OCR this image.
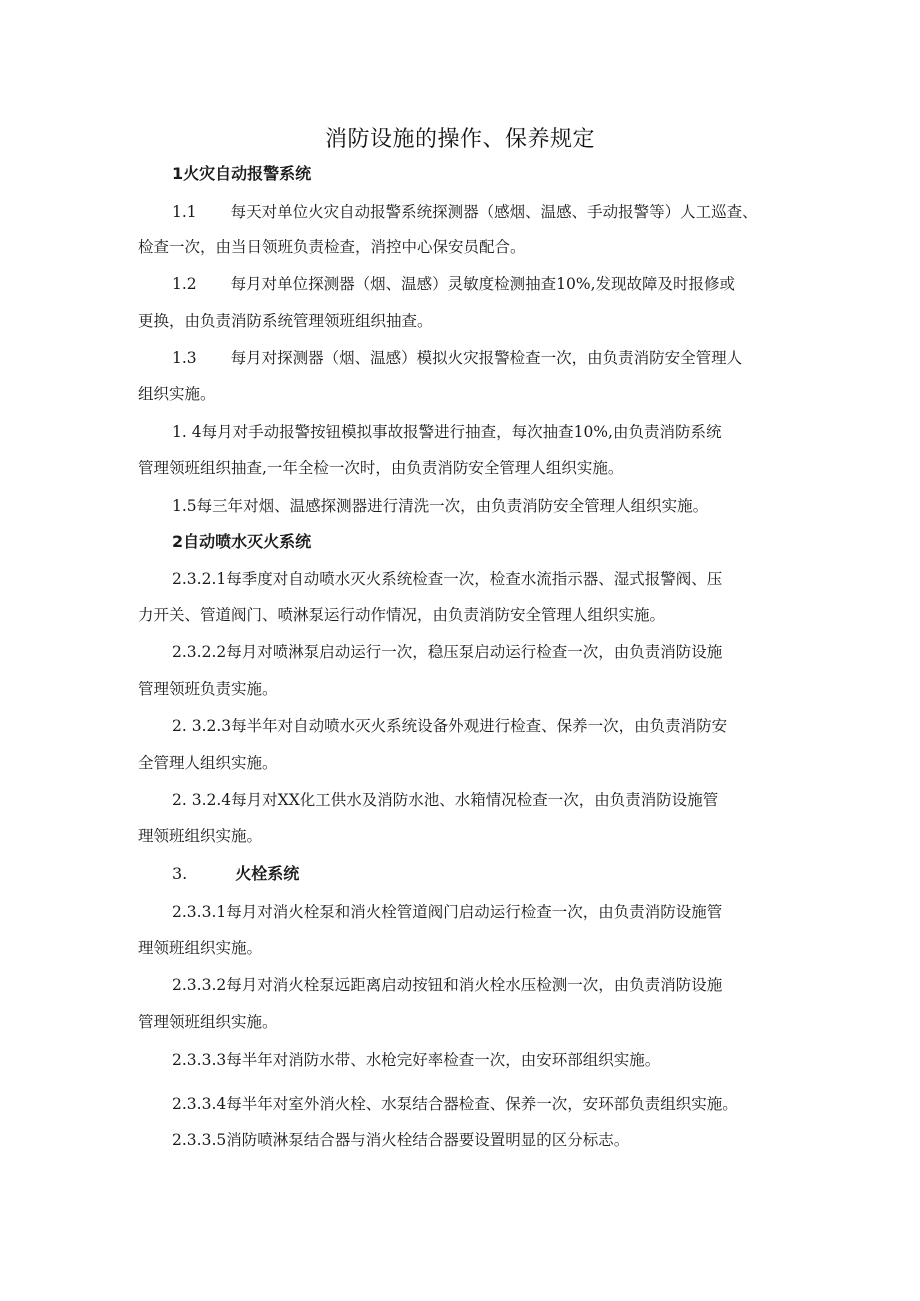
消防设施的操作、保养规定
1火灾自动报警系统
1.1 每天对单位火灾自动报警系统探测器（感烟、温感、手动报警等）人工巡查、
检查一次，由当日领班负责检查，消控中心保安员配合。
1.2 每月对单位探测器（烟、温感）灵敏度检测抽查10%,发现故障及时报修或
更换，由负责消防系统管理领班组织抽查。
1.3 每月对探测器（烟、温感）模拟火灾报警检查一次，由负责消防安全管理人
组织实施。
1. 4每月对手动报警按钮模拟事故报警进行抽查，每次抽查10%,由负责消防系统
管理领班组织抽查,一年全检一次时，由负责消防安全管理人组织实施。
1.5每三年对烟、温感探测器进行清洗一次，由负责消防安全管理人组织实施。
2自动喷水灭火系统
2.3.2.1每季度对自动喷水灭火系统检查一次，检查水流指示器、湿式报警阀、压
力开关、管道阀门、喷淋泵运行动作情况，由负责消防安全管理人组织实施。
2.3.2.2每月对喷淋泵启动运行一次，稳压泵启动运行检查一次，由负责消防设施
管理领班负责实施。
2. 3.2.3每半年对自动喷水灭火系统设备外观进行检查、保养一次，由负责消防安
全管理人组织实施。
2. 3.2.4每月对XX化工供水及消防水池、水箱情况检查一次，由负责消防设施管
理领班组织实施。
3.	火栓系统
2.3.3.1每月对消火栓泵和消火栓管道阀门启动运行检查一次，由负责消防设施管
理领班组织实施。
2.3.3.2每月对消火栓泵远距离启动按钮和消火栓水压检测一次，由负责消防设施
管理领班组织实施。
2.3.3.3每半年对消防水带、水枪完好率检查一次，由安环部组织实施。
2.3.3.4每半年对室外消火栓、水泵结合器检查、保养一次，安环部负责组织实施。
2.3.3.5消防喷淋泵结合器与消火栓结合器要设置明显的区分标志。
